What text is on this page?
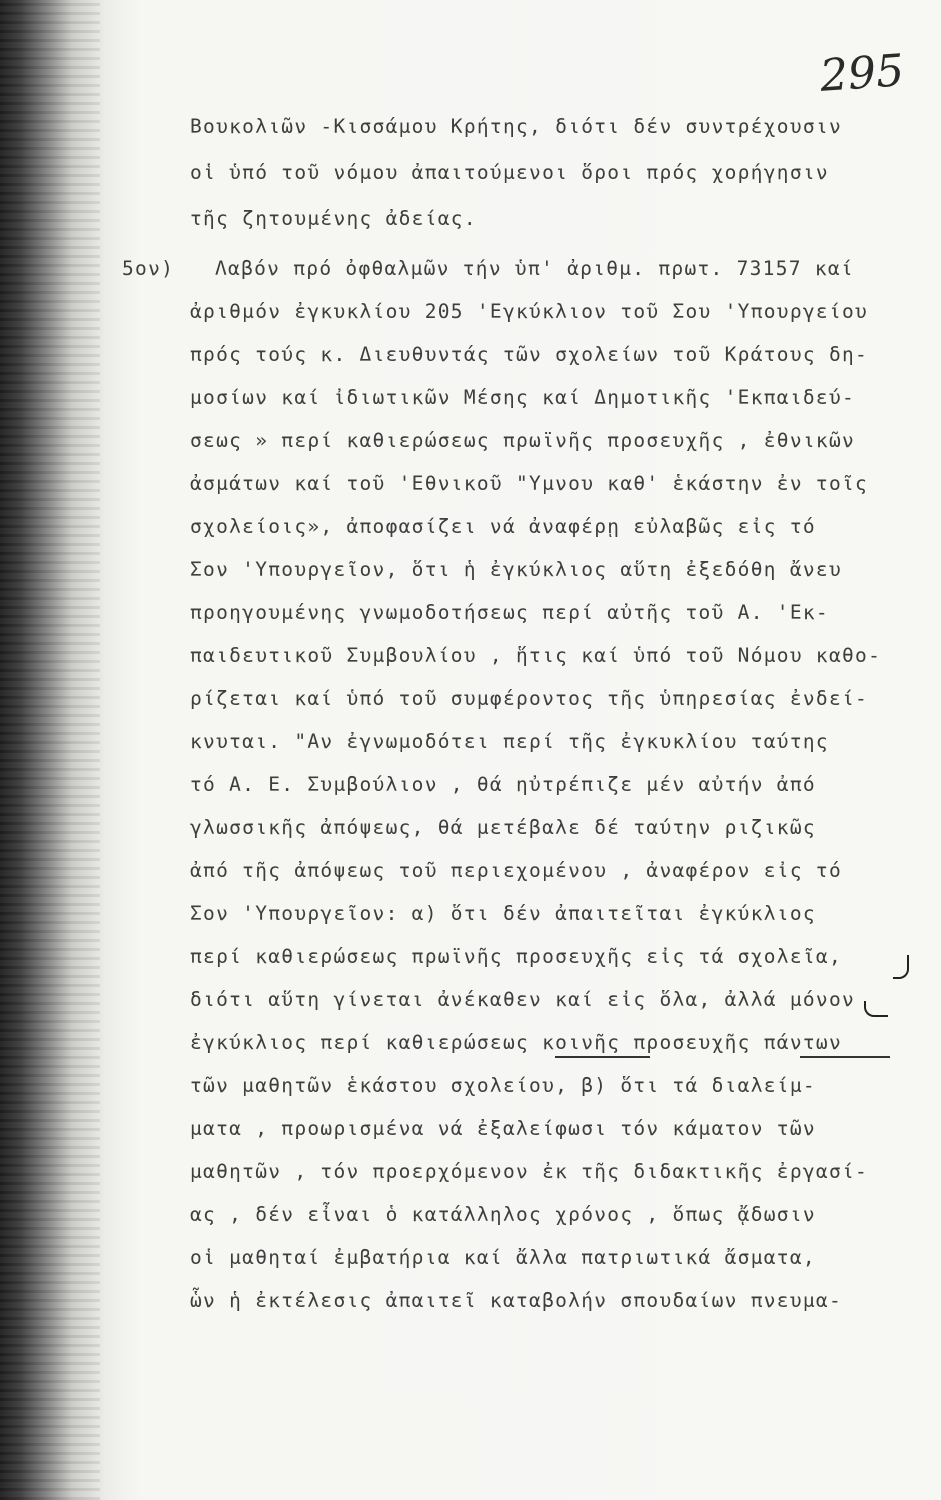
295

Βουκολιῶν -Κισσάμου Κρήτης, διότι δέν συντρέχουσιν

οἱ ὑπό τοῦ νόμου ἀπαιτούμενοι ὅροι πρός χορήγησιν

τῆς ζητουμένης ἀδείας.

5ον) Λαβόν πρό ὀφθαλμῶν τήν ὑπ' ἀριθμ. πρωτ. 73157 καί

ἀριθμόν ἐγκυκλίου 205 'Εγκύκλιον τοῦ Σου 'Υπουργείου

πρός τούς κ. Διευθυντάς τῶν σχολείων τοῦ Κράτους δη-

μοσίων καί ἰδιωτικῶν Μέσης καί Δημοτικῆς 'Εκπαιδεύ-

σεως » περί καθιερώσεως πρωϊνῆς προσευχῆς , ἐθνικῶν

ἀσμάτων καί τοῦ 'Εθνικοῦ "Υμνου καθ' ἑκάστην ἐν τοῖς

σχολείοις», ἀποφασίζει νά ἀναφέρῃ εὐλαβῶς εἰς τό

Σον 'Υπουργεῖον, ὅτι ἡ ἐγκύκλιος αὕτη ἐξεδόθη ἄνευ

προηγουμένης γνωμοδοτήσεως περί αὐτῆς τοῦ Α. 'Εκ-

παιδευτικοῦ Συμβουλίου , ἥτις καί ὑπό τοῦ Νόμου καθο-

ρίζεται καί ὑπό τοῦ συμφέροντος τῆς ὑπηρεσίας ἐνδεί-

κνυται. "Αν ἐγνωμοδότει περί τῆς ἐγκυκλίου ταύτης

τό Α. Ε. Συμβούλιον , θά ηὐτρέπιζε μέν αὐτήν ἀπό

γλωσσικῆς ἀπόψεως, θά μετέβαλε δέ ταύτην ριζικῶς

ἀπό τῆς ἀπόψεως τοῦ περιεχομένου , ἀναφέρον εἰς τό

Σον 'Υπουργεῖον: α) ὅτι δέν ἀπαιτεῖται ἐγκύκλιος

περί καθιερώσεως πρωϊνῆς προσευχῆς εἰς τά σχολεῖα,

διότι αὕτη γίνεται ἀνέκαθεν καί εἰς ὅλα, ἀλλά μόνον

ἐγκύκλιος περί καθιερώσεως κοινῆς προσευχῆς πάντων

τῶν μαθητῶν ἑκάστου σχολείου, β) ὅτι τά διαλείμ-

ματα , προωρισμένα νά ἐξαλείφωσι τόν κάματον τῶν

μαθητῶν , τόν προερχόμενον ἐκ τῆς διδακτικῆς ἐργασί-

ας , δέν εἶναι ὁ κατάλληλος χρόνος , ὅπως ᾄδωσιν

οἱ μαθηταί ἐμβατήρια καί ἄλλα πατριωτικά ἄσματα,

ὧν ἡ ἐκτέλεσις ἀπαιτεῖ καταβολήν σπουδαίων πνευμα-
